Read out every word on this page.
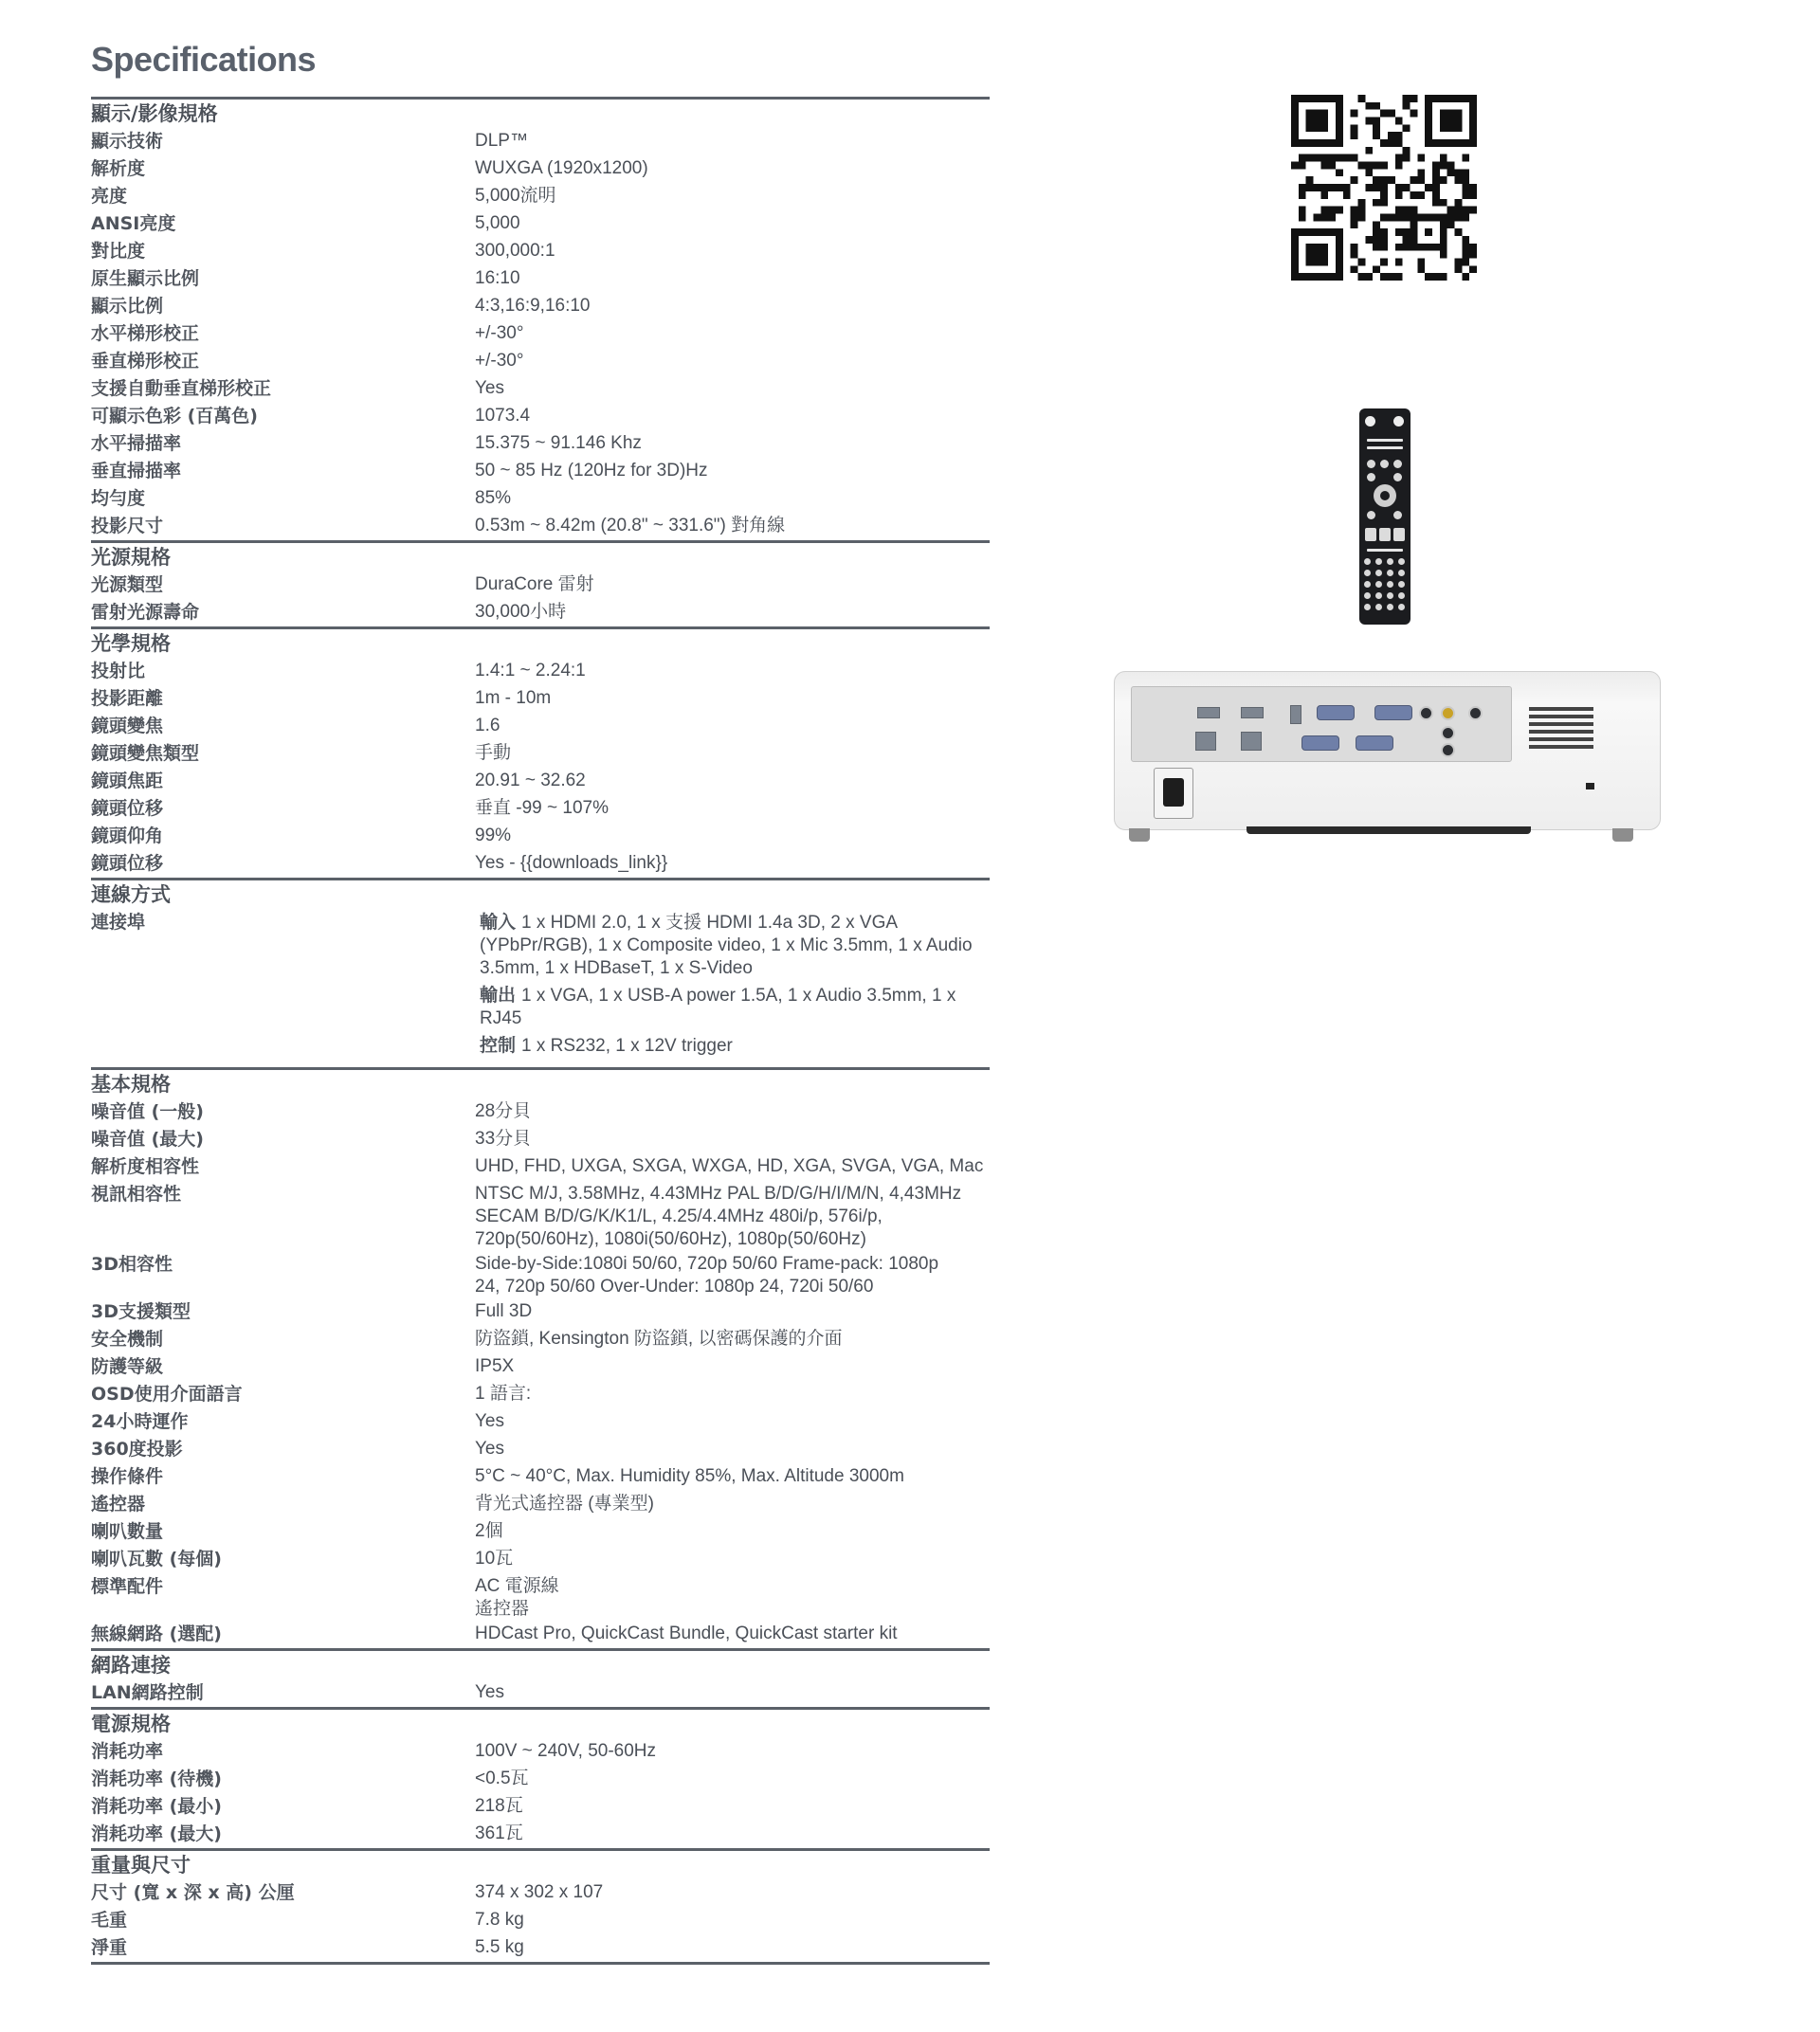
Specifications
顯示/影像規格
顯示技術	DLP™
解析度	WUXGA (1920x1200)
亮度	5,000流明
ANSI亮度	5,000
對比度	300,000:1
原生顯示比例	16:10
顯示比例	4:3,16:9,16:10
水平梯形校正	+/-30°
垂直梯形校正	+/-30°
支援自動垂直梯形校正	Yes
可顯示色彩 (百萬色)	1073.4
水平掃描率	15.375 ~ 91.146 Khz
垂直掃描率	50 ~ 85 Hz (120Hz for 3D)Hz
均勻度	85%
投影尺寸	0.53m ~ 8.42m (20.8" ~ 331.6") 對角線
光源規格
光源類型	DuraCore 雷射
雷射光源壽命	30,000小時
光學規格
投射比	1.4:1 ~ 2.24:1
投影距離	1m - 10m
鏡頭變焦	1.6
鏡頭變焦類型	手動
鏡頭焦距	20.91 ~ 32.62
鏡頭位移	垂直 -99 ~ 107%
鏡頭仰角	99%
鏡頭位移	Yes - {{downloads_link}}
連線方式
連接埠	輸入 1 x HDMI 2.0, 1 x 支援 HDMI 1.4a 3D, 2 x VGA (YPbPr/RGB), 1 x Composite video, 1 x Mic 3.5mm, 1 x Audio 3.5mm, 1 x HDBaseT, 1 x S-Video
輸出 1 x VGA, 1 x USB-A power 1.5A, 1 x Audio 3.5mm, 1 x RJ45
控制 1 x RS232, 1 x 12V trigger
基本規格
噪音值 (一般)	28分貝
噪音值 (最大)	33分貝
解析度相容性	UHD, FHD, UXGA, SXGA, WXGA, HD, XGA, SVGA, VGA, Mac
視訊相容性	NTSC M/J, 3.58MHz, 4.43MHz PAL B/D/G/H/I/M/N, 4,43MHz
SECAM B/D/G/K/K1/L, 4.25/4.4MHz 480i/p, 576i/p,
720p(50/60Hz), 1080i(50/60Hz), 1080p(50/60Hz)
3D相容性	Side-by-Side:1080i 50/60, 720p 50/60 Frame-pack: 1080p
24, 720p 50/60 Over-Under: 1080p 24, 720i 50/60
3D支援類型	Full 3D
安全機制	防盜鎖, Kensington 防盜鎖, 以密碼保護的介面
防護等級	IP5X
OSD使用介面語言	1 語言:
24小時運作	Yes
360度投影	Yes
操作條件	5°C ~ 40°C, Max. Humidity 85%, Max. Altitude 3000m
遙控器	背光式遙控器 (專業型)
喇叭數量	2個
喇叭瓦數 (每個)	10瓦
標準配件	AC 電源線
遙控器
無線網路 (選配)	HDCast Pro, QuickCast Bundle, QuickCast starter kit
網路連接
LAN網路控制	Yes
電源規格
消耗功率	100V ~ 240V, 50-60Hz
消耗功率 (待機)	<0.5瓦
消耗功率 (最小)	218瓦
消耗功率 (最大)	361瓦
重量與尺寸
尺寸 (寬 x 深 x 高) 公厘	374 x 302 x 107
毛重	7.8 kg
淨重	5.5 kg
